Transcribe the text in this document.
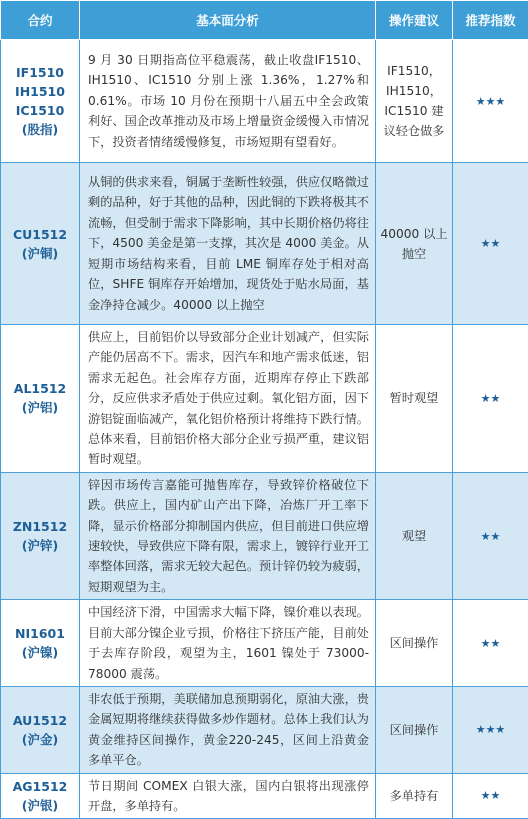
合约	基本面分析	操作建议	推荐指数

IF1510
IH1510
IC1510
(股指)	9 月 30 日期指高位平稳震荡，截止收盘IF1510、IH1510、IC1510 分别上涨 1.36%，1.27%和 0.61%。市场 10 月份在预期十八届五中全会政策利好、国企改革推动及市场上增量资金缓慢入市情况下，投资者情绪缓慢修复，市场短期有望看好。	IF1510，IH1510，IC1510 建议轻仓做多	★★★

CU1512
(沪铜)	从铜的供求来看，铜属于垄断性较强，供应仅略微过剩的品种，好于其他的品种，因此铜的下跌将极其不流畅，但受制于需求下降影响，其中长期价格仍将往下，4500 美金是第一支撑，其次是 4000 美金。从短期市场结构来看，目前 LME 铜库存处于相对高位，SHFE 铜库存开始增加，现货处于贴水局面，基金净持仓减少。40000 以上抛空	40000 以上抛空	★★

AL1512
(沪铝)	供应上，目前铝价以导致部分企业计划减产，但实际产能仍居高不下。需求，因汽车和地产需求低迷，铝需求无起色。社会库存方面，近期库存停止下跌部分，反应供求矛盾处于供应过剩。氧化铝方面，因下游铝锭面临减产，氧化铝价格预计将维持下跌行情。总体来看，目前铝价格大部分企业亏损严重，建议铝暂时观望。	暂时观望	★★

ZN1512
(沪锌)	锌因市场传言嘉能可抛售库存，导致锌价格破位下跌。供应上，国内矿山产出下降，冶炼厂开工率下降，显示价格部分抑制国内供应，但目前进口供应增速较快，导致供应下降有限，需求上，镀锌行业开工率整体回落，需求无较大起色。预计锌仍较为疲弱，短期观望为主。	观望	★★

NI1601
(沪镍)	中国经济下滑，中国需求大幅下降，镍价难以表现。目前大部分镍企业亏损，价格往下挤压产能，目前处于去库存阶段，观望为主，1601 镍处于 73000-78000 震荡。	区间操作	★★

AU1512
(沪金)	非农低于预期，美联储加息预期弱化，原油大涨，贵金属短期将继续获得做多炒作题材。总体上我们认为黄金维持区间操作，黄金220-245，区间上沿黄金多单平仓。	区间操作	★★★

AG1512
(沪银)	节日期间 COMEX 白银大涨，国内白银将出现涨停开盘，多单持有。	多单持有	★★
